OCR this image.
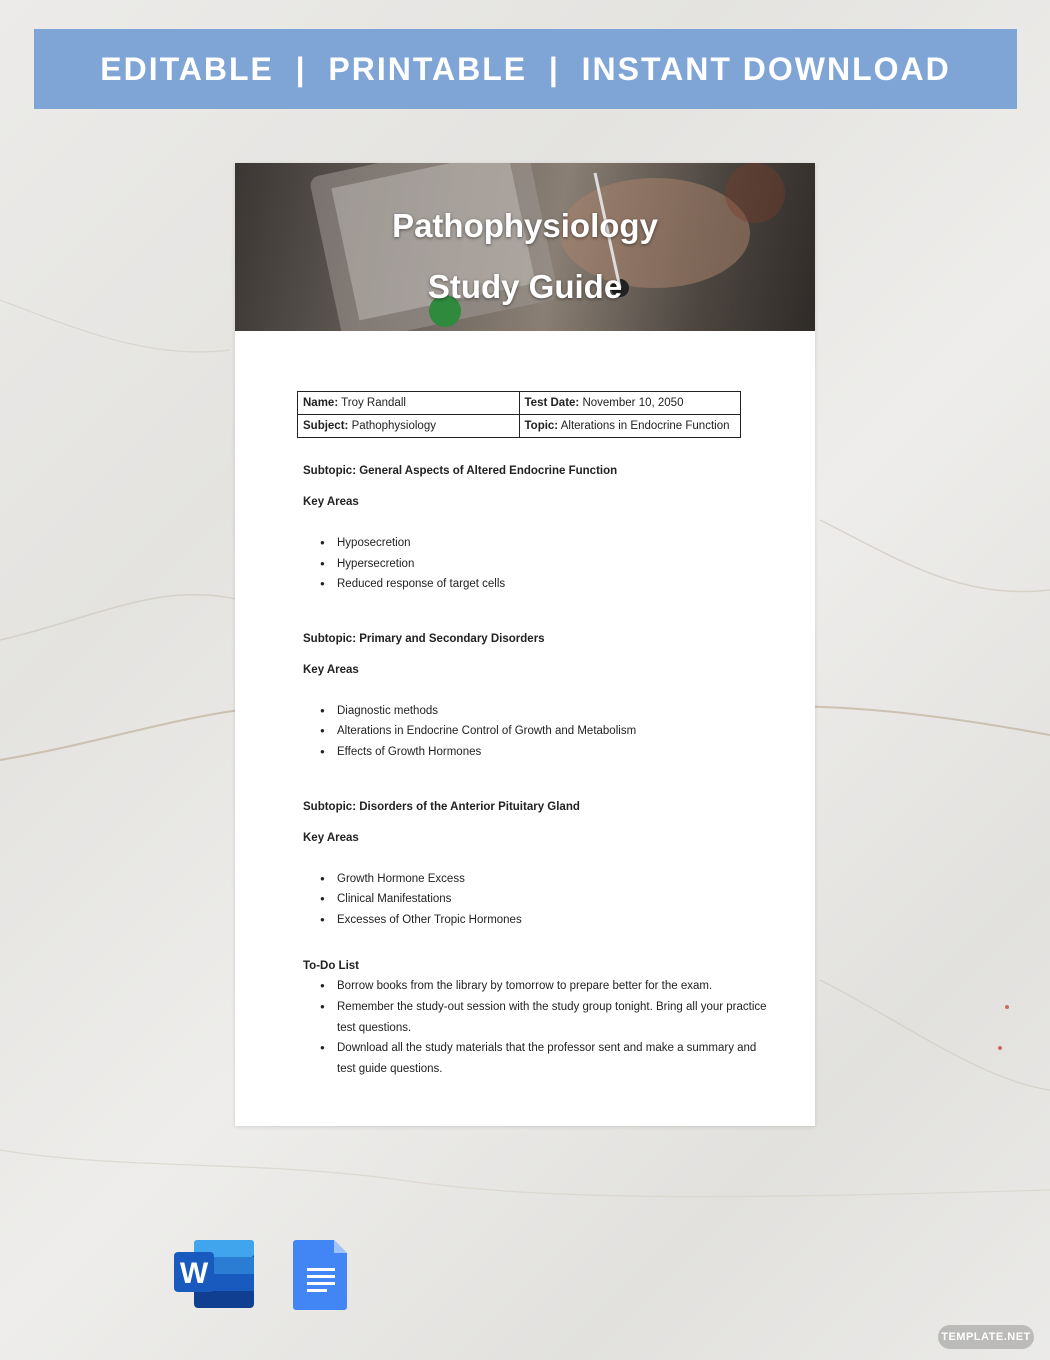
EDITABLE  |  PRINTABLE  |  INSTANT DOWNLOAD
Pathophysiology
Study Guide
Name: Troy Randall	Test Date: November 10, 2050
Subject: Pathophysiology	Topic: Alterations in Endocrine Function

Subtopic: General Aspects of Altered Endocrine Function

Key Areas

● Hyposecretion
● Hypersecretion
● Reduced response of target cells

Subtopic: Primary and Secondary Disorders

Key Areas

● Diagnostic methods
● Alterations in Endocrine Control of Growth and Metabolism
● Effects of Growth Hormones

Subtopic: Disorders of the Anterior Pituitary Gland

Key Areas

● Growth Hormone Excess
● Clinical Manifestations
● Excesses of Other Tropic Hormones

To-Do List

● Borrow books from the library by tomorrow to prepare better for the exam.
● Remember the study-out session with the study group tonight. Bring all your practice test questions.
● Download all the study materials that the professor sent and make a summary and test guide questions.
W
TEMPLATE.NET
